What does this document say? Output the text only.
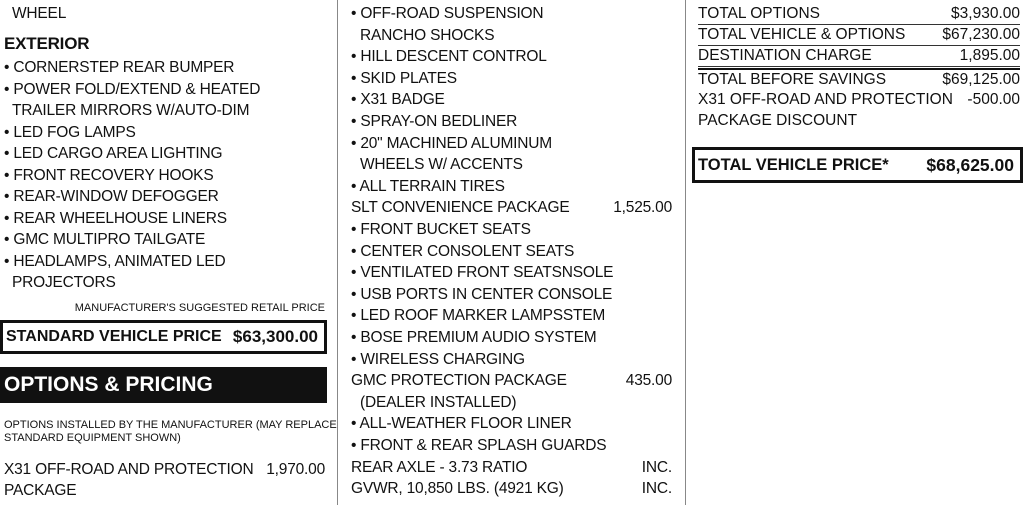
WHEEL
EXTERIOR
• CORNERSTEP REAR BUMPER
• POWER FOLD/EXTEND & HEATED
TRAILER MIRRORS W/AUTO-DIM
• LED FOG LAMPS
• LED CARGO AREA LIGHTING
• FRONT RECOVERY HOOKS
• REAR-WINDOW DEFOGGER
• REAR WHEELHOUSE LINERS
• GMC MULTIPRO TAILGATE
• HEADLAMPS, ANIMATED LED
PROJECTORS
MANUFACTURER'S SUGGESTED RETAIL PRICE
STANDARD VEHICLE PRICE $63,300.00
OPTIONS & PRICING
OPTIONS INSTALLED BY THE MANUFACTURER (MAY REPLACE
STANDARD EQUIPMENT SHOWN)
X31 OFF-ROAD AND PROTECTION 1,970.00
PACKAGE
• OFF-ROAD SUSPENSION
RANCHO SHOCKS
• HILL DESCENT CONTROL
• SKID PLATES
• X31 BADGE
• SPRAY-ON BEDLINER
• 20" MACHINED ALUMINUM
WHEELS W/ ACCENTS
• ALL TERRAIN TIRES
SLT CONVENIENCE PACKAGE	1,525.00
• FRONT BUCKET SEATS
• CENTER CONSOLENT SEATS
• VENTILATED FRONT SEATSNSOLE
• USB PORTS IN CENTER CONSOLE
• LED ROOF MARKER LAMPSSTEM
• BOSE PREMIUM AUDIO SYSTEM
• WIRELESS CHARGING
GMC PROTECTION PACKAGE	435.00
(DEALER INSTALLED)
• ALL-WEATHER FLOOR LINER
• FRONT & REAR SPLASH GUARDS
REAR AXLE - 3.73 RATIO	INC.
GVWR, 10,850 LBS. (4921 KG)	INC.
TOTAL OPTIONS	$3,930.00
TOTAL VEHICLE & OPTIONS $67,230.00
DESTINATION CHARGE	1,895.00
TOTAL BEFORE SAVINGS	$69,125.00
X31 OFF-ROAD AND PROTECTION -500.00
PACKAGE DISCOUNT
TOTAL VEHICLE PRICE* $68,625.00
